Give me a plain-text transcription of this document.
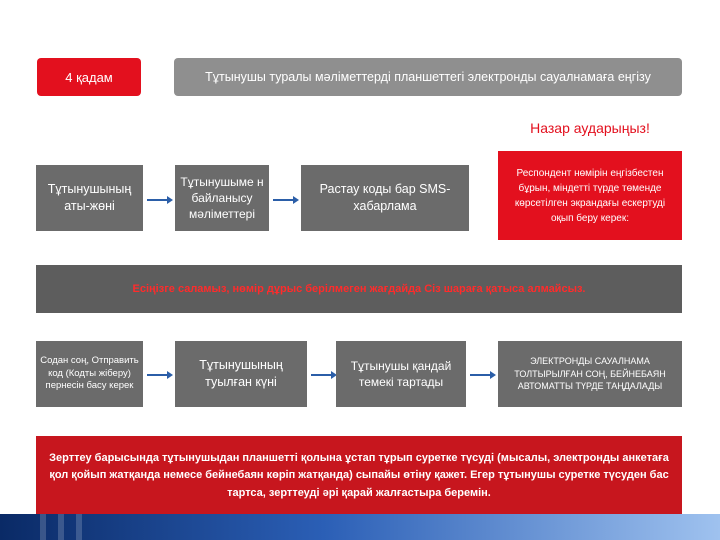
4 қадам	Тұтынушы туралы мәліметтерді планшеттегі электронды сауалнамаға еңгізу
Назар аударыңыз!
Тұтынушының аты-жөні
Тұтынушыме н байланысу мәліметтері
Растау коды бар SMS-хабарлама
Респондент нөмірін еңгізбестен бұрын, міндетті түрде төменде көрсетілген экрандағы ескертуді оқып беру керек:
Есіңізге саламыз, нөмір дұрыс берілмеген жағдайда Сіз шараға қатыса алмайсыз.
Содан соң, Отправить код (Кодты жіберу) пернесін басу керек
Тұтынушының туылған күні
Тұтынушы қандай темекі тартады
ЭЛЕКТРОНДЫ САУАЛНАМА ТОЛТЫРЫЛҒАН СОҢ, БЕЙНЕБАЯН АВТОМАТТЫ ТҮРДЕ ТАҢДАЛАДЫ
Зерттеу барысында тұтынушыдан планшетті қолына ұстап тұрып суретке түсуді (мысалы, электронды анкетаға қол қойып жатқанда немесе бейнебаян көріп жатқанда) сыпайы өтіну қажет. Егер тұтынушы суретке түсуден бас тартса, зерттеуді әрі қарай жалғастыра беремін.
